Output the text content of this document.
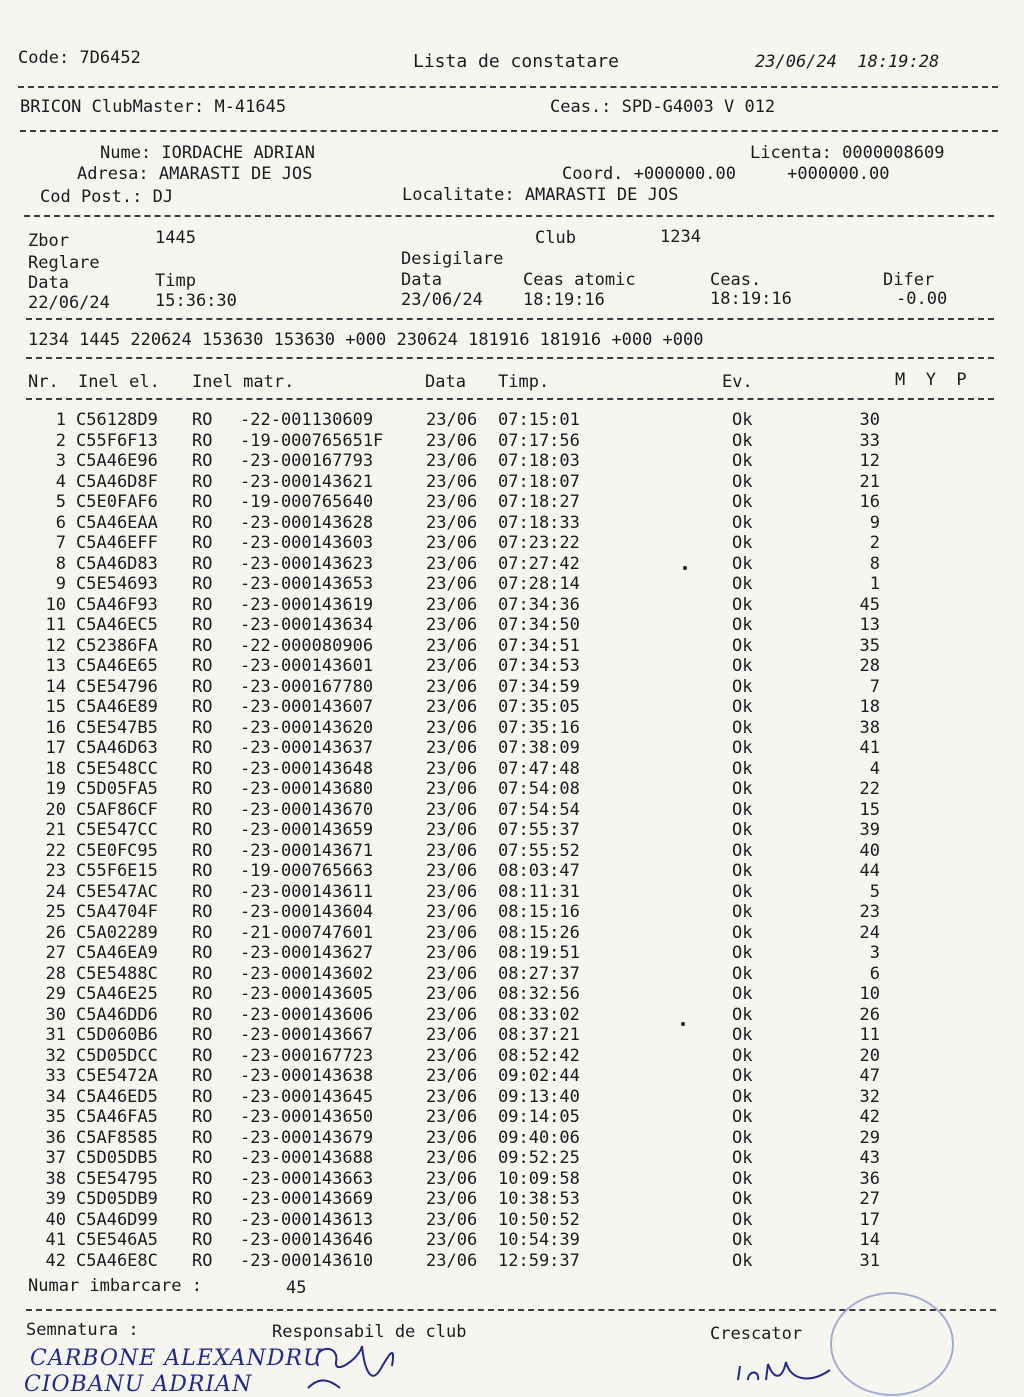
Code: 7D6452	Lista de constatare	23/06/24  18:19:28
BRICON ClubMaster: M-41645	Ceas.: SPD-G4003 V 012
Nume: IORDACHE ADRIAN	Licenta: 0000008609
Adresa: AMARASTI DE JOS	Coord. +000000.00     +000000.00
Cod Post.: DJ	Localitate: AMARASTI DE JOS
Zbor	1445	Club	1234
Reglare	Desigilare
Data	Timp	Data	Ceas atomic	Ceas.	Difer
22/06/24	15:36:30	23/06/24 18:19:16	18:19:16	-0.00
1234 1445 220624 153630 153630 +000 230624 181916 181916 +000 +000
Nr. Inel el. Inel matr.	Data Timp.	Ev.	M  Y  P
1 C56128D9 RO -22-001130609	23/06 07:15:01	Ok	30
2 C55F6F13 RO -19-000765651F	23/06 07:17:56	Ok	33
3 C5A46E96 RO -23-000167793	23/06 07:18:03	Ok	12
4 C5A46D8F RO -23-000143621	23/06 07:18:07	Ok	21
5 C5E0FAF6 RO -19-000765640	23/06 07:18:27	Ok	16
6 C5A46EAA RO -23-000143628	23/06 07:18:33	Ok	9
7 C5A46EFF RO -23-000143603	23/06 07:23:22	Ok	2
8 C5A46D83 RO -23-000143623	23/06 07:27:42	Ok	8
9 C5E54693 RO -23-000143653	23/06 07:28:14	Ok	1
10 C5A46F93 RO -23-000143619	23/06 07:34:36	Ok	45
11 C5A46EC5 RO -23-000143634	23/06 07:34:50	Ok	13
12 C52386FA RO -22-000080906	23/06 07:34:51	Ok	35
13 C5A46E65 RO -23-000143601	23/06 07:34:53	Ok	28
14 C5E54796 RO -23-000167780	23/06 07:34:59	Ok	7
15 C5A46E89 RO -23-000143607	23/06 07:35:05	Ok	18
16 C5E547B5 RO -23-000143620	23/06 07:35:16	Ok	38
17 C5A46D63 RO -23-000143637	23/06 07:38:09	Ok	41
18 C5E548CC RO -23-000143648	23/06 07:47:48	Ok	4
19 C5D05FA5 RO -23-000143680	23/06 07:54:08	Ok	22
20 C5AF86CF RO -23-000143670	23/06 07:54:54	Ok	15
21 C5E547CC RO -23-000143659	23/06 07:55:37	Ok	39
22 C5E0FC95 RO -23-000143671	23/06 07:55:52	Ok	40
23 C55F6E15 RO -19-000765663	23/06 08:03:47	Ok	44
24 C5E547AC RO -23-000143611	23/06 08:11:31	Ok	5
25 C5A4704F RO -23-000143604	23/06 08:15:16	Ok	23
26 C5A02289 RO -21-000747601	23/06 08:15:26	Ok	24
27 C5A46EA9 RO -23-000143627	23/06 08:19:51	Ok	3
28 C5E5488C RO -23-000143602	23/06 08:27:37	Ok	6
29 C5A46E25 RO -23-000143605	23/06 08:32:56	Ok	10
30 C5A46DD6 RO -23-000143606	23/06 08:33:02	Ok	26
31 C5D060B6 RO -23-000143667	23/06 08:37:21	Ok	11
32 C5D05DCC RO -23-000167723	23/06 08:52:42	Ok	20
33 C5E5472A RO -23-000143638	23/06 09:02:44	Ok	47
34 C5A46ED5 RO -23-000143645	23/06 09:13:40	Ok	32
35 C5A46FA5 RO -23-000143650	23/06 09:14:05	Ok	42
36 C5AF8585 RO -23-000143679	23/06 09:40:06	Ok	29
37 C5D05DB5 RO -23-000143688	23/06 09:52:25	Ok	43
38 C5E54795 RO -23-000143663	23/06 10:09:58	Ok	36
39 C5D05DB9 RO -23-000143669	23/06 10:38:53	Ok	27
40 C5A46D99 RO -23-000143613	23/06 10:50:52	Ok	17
41 C5E546A5 RO -23-000143646	23/06 10:54:39	Ok	14
42 C5A46E8C RO -23-000143610	23/06 12:59:37	Ok	31
Numar imbarcare :	45
Semnatura :	Responsabil de club	Crescator
CARBONE ALEXANDRU
CIOBANU ADRIAN
